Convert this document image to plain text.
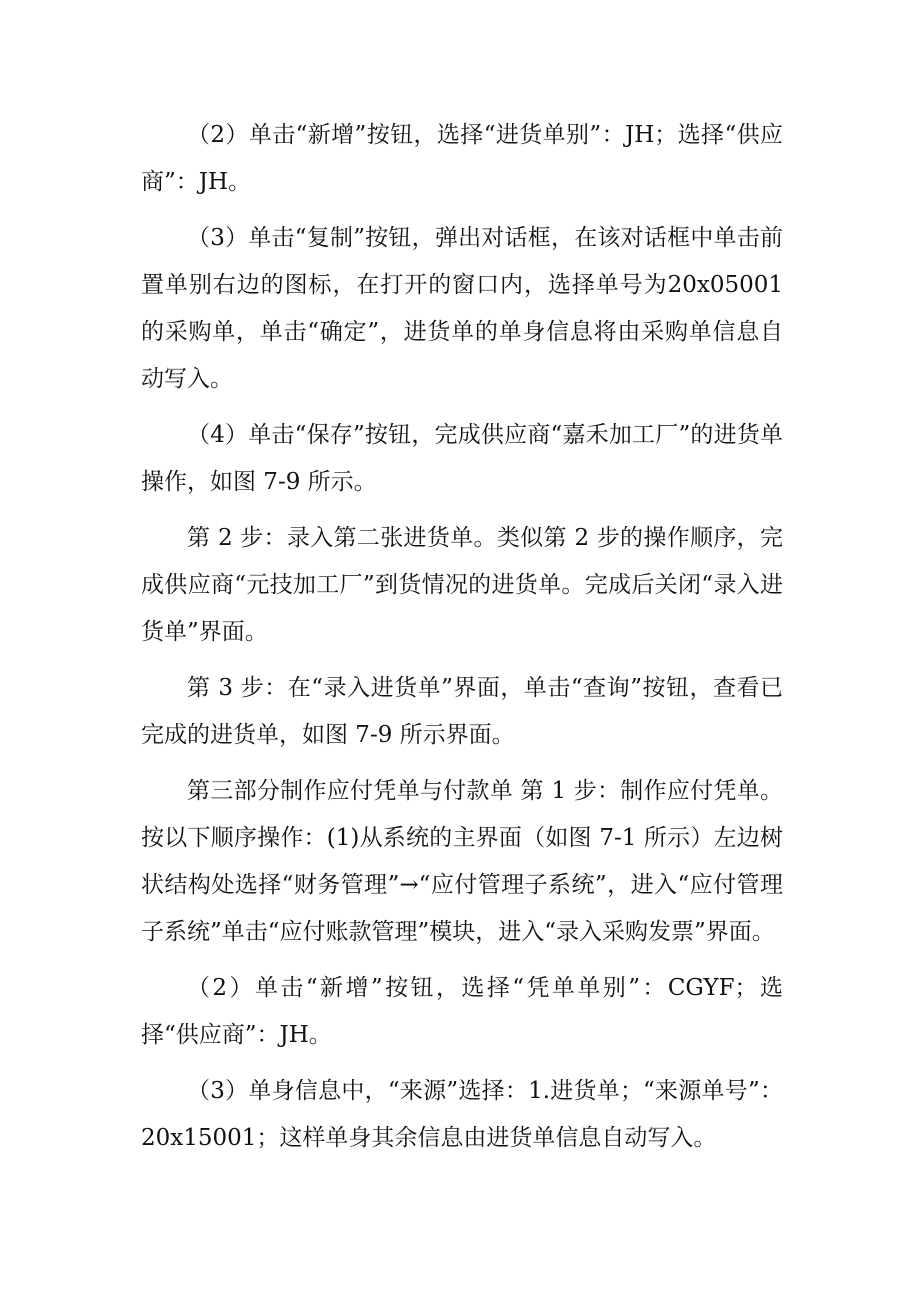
（2）单击“新增”按钮，选择“进货单别”：JH；选择“供应商”：JH。

（3）单击“复制”按钮，弹出对话框，在该对话框中单击前置单别右边的图标，在打开的窗口内，选择单号为20x05001 的采购单，单击“确定”，进货单的单身信息将由采购单信息自动写入。

（4）单击“保存”按钮，完成供应商“嘉禾加工厂”的进货单操作，如图 7-9 所示。

第 2 步：录入第二张进货单。类似第 2 步的操作顺序，完成供应商“元技加工厂”到货情况的进货单。完成后关闭“录入进货单”界面。

第 3 步：在“录入进货单”界面，单击“查询”按钮，查看已完成的进货单，如图 7-9 所示界面。

第三部分制作应付凭单与付款单 第 1 步：制作应付凭单。按以下顺序操作：(1)从系统的主界面（如图 7-1 所示）左边树状结构处选择“财务管理”→“应付管理子系统”，进入“应付管理子系统”单击“应付账款管理”模块，进入“录入采购发票”界面。

（2）单击“新增”按钮，选择“凭单单别”：CGYF；选择“供应商”：JH。

（3）单身信息中，“来源”选择：1.进货单；“来源单号”：20x15001；这样单身其余信息由进货单信息自动写入。
